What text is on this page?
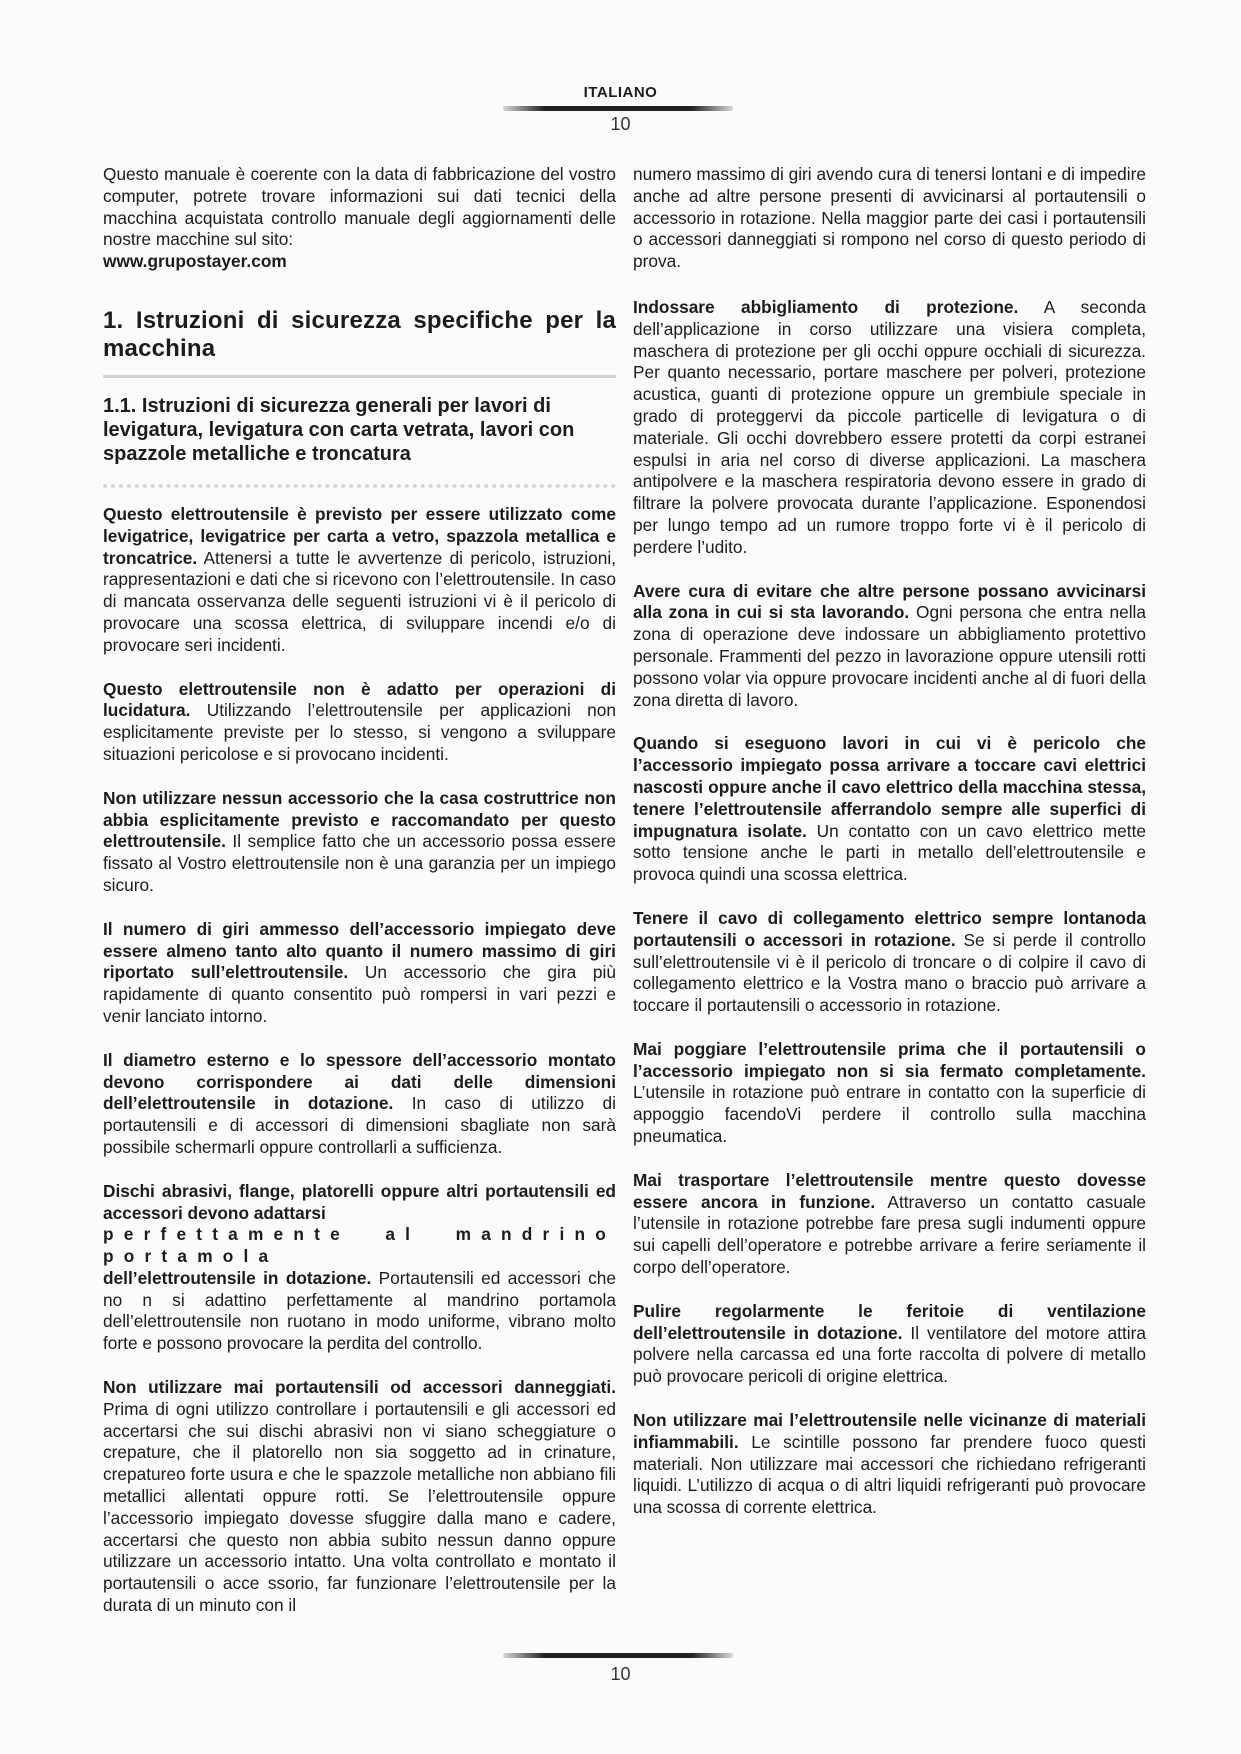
ITALIANO
10

Questo manuale è coerente con la data di fabbricazione del vostro computer, potrete trovare informazioni sui dati tecnici della macchina acquistata controllo manuale degli aggiornamenti delle nostre macchine sul sito:
www.grupostayer.com

1. Istruzioni di sicurezza specifiche per la macchina
1.1. Istruzioni di sicurezza generali per lavori di levigatura, levigatura con carta vetrata, lavori con spazzole metalliche e troncatura

Questo elettroutensile è previsto per essere utilizzato come levigatrice, levigatrice per carta a vetro, spazzola metallica e troncatrice. Attenersi a tutte le avvertenze di pericolo, istruzioni, rappresentazioni e dati che si ricevono con l’elettroutensile. In caso di mancata osservanza delle seguenti istruzioni vi è il pericolo di provocare una scossa elettrica, di sviluppare incendi e/o di provocare seri incidenti.

Questo elettroutensile non è adatto per operazioni di lucidatura. Utilizzando l’elettroutensile per applicazioni non esplicitamente previste per lo stesso, si vengono a sviluppare situazioni pericolose e si provocano incidenti.

Non utilizzare nessun accessorio che la casa costruttrice non abbia esplicitamente previsto e raccomandato per questo elettroutensile. Il semplice fatto che un accessorio possa essere fissato al Vostro elettroutensile non è una garanzia per un impiego sicuro.

Il numero di giri ammesso dell’accessorio impiegato deve essere almeno tanto alto quanto il numero massimo di giri riportato sull’elettroutensile. Un accessorio che gira più rapidamente di quanto consentito può rompersi in vari pezzi e venir lanciato intorno.

Il diametro esterno e lo spessore dell’accessorio montato devono corrispondere ai dati delle dimensioni dell’elettroutensile in dotazione. In caso di utilizzo di portautensili e di accessori di dimensioni sbagliate non sarà possibile schermarli oppure controllarli a sufficienza.

Dischi abrasivi, flange, platorelli oppure altri portautensili ed accessori devono adattarsi
perfettamente al mandrino portamola
dell’elettroutensile in dotazione. Portautensili ed accessori che no n si adattino perfettamente al mandrino portamola dell’elettroutensile non ruotano in modo uniforme, vibrano molto forte e possono provocare la perdita del controllo.

Non utilizzare mai portautensili od accessori danneggiati. Prima di ogni utilizzo controllare i portautensili e gli accessori ed accertarsi che sui dischi abrasivi non vi siano scheggiature o crepature, che il platorello non sia soggetto ad in crinature, crepatureo forte usura e che le spazzole metalliche non abbiano fili metallici allentati oppure rotti. Se l’elettroutensile oppure l’accessorio impiegato dovesse sfuggire dalla mano e cadere, accertarsi che questo non abbia subito nessun danno oppure utilizzare un accessorio intatto. Una volta controllato e montato il portautensili o acce ssorio, far funzionare l’elettroutensile per la durata di un minuto con il

numero massimo di giri avendo cura di tenersi lontani e di impedire anche ad altre persone presenti di avvicinarsi al portautensili o accessorio in rotazione. Nella maggior parte dei casi i portautensili o accessori danneggiati si rompono nel corso di questo periodo di prova.

Indossare abbigliamento di protezione. A seconda dell’applicazione in corso utilizzare una visiera completa, maschera di protezione per gli occhi oppure occhiali di sicurezza. Per quanto necessario, portare maschere per polveri, protezione acustica, guanti di protezione oppure un grembiule speciale in grado di proteggervi da piccole particelle di levigatura o di materiale. Gli occhi dovrebbero essere protetti da corpi estranei espulsi in aria nel corso di diverse applicazioni. La maschera antipolvere e la maschera respiratoria devono essere in grado di filtrare la polvere provocata durante l’applicazione. Esponendosi per lungo tempo ad un rumore troppo forte vi è il pericolo di perdere l’udito.

Avere cura di evitare che altre persone possano avvicinarsi alla zona in cui si sta lavorando. Ogni persona che entra nella zona di operazione deve indossare un abbigliamento protettivo personale. Frammenti del pezzo in lavorazione oppure utensili rotti possono volar via oppure provocare incidenti anche al di fuori della zona diretta di lavoro.

Quando si eseguono lavori in cui vi è pericolo che l’accessorio impiegato possa arrivare a toccare cavi elettrici nascosti oppure anche il cavo elettrico della macchina stessa, tenere l’elettroutensile afferrandolo sempre alle superfici di impugnatura isolate. Un contatto con un cavo elettrico mette sotto tensione anche le parti in metallo dell’elettroutensile e provoca quindi una scossa elettrica.

Tenere il cavo di collegamento elettrico sempre lontanoda portautensili o accessori in rotazione. Se si perde il controllo sull’elettroutensile vi è il pericolo di troncare o di colpire il cavo di collegamento elettrico e la Vostra mano o braccio può arrivare a toccare il portautensili o accessorio in rotazione.

Mai poggiare l’elettroutensile prima che il portautensili o l’accessorio impiegato non si sia fermato completamente. L’utensile in rotazione può entrare in contatto con la superficie di appoggio facendoVi perdere il controllo sulla macchina pneumatica.

Mai trasportare l’elettroutensile mentre questo dovesse essere ancora in funzione. Attraverso un contatto casuale l’utensile in rotazione potrebbe fare presa sugli indumenti oppure sui capelli dell’operatore e potrebbe arrivare a ferire seriamente il corpo dell’operatore.

Pulire regolarmente le feritoie di ventilazione dell’elettroutensile in dotazione. Il ventilatore del motore attira polvere nella carcassa ed una forte raccolta di polvere di metallo può provocare pericoli di origine elettrica.

Non utilizzare mai l’elettroutensile nelle vicinanze di materiali infiammabili. Le scintille possono far prendere fuoco questi materiali. Non utilizzare mai accessori che richiedano refrigeranti liquidi. L’utilizzo di acqua o di altri liquidi refrigeranti può provocare una scossa di corrente elettrica.

10
